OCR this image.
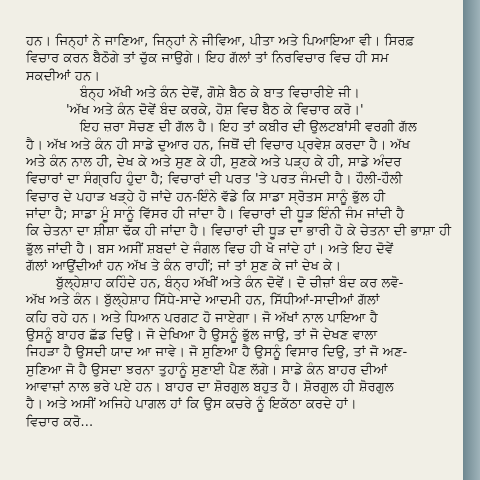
ਹਨ। ਜਿਨ੍ਹਾਂ ਨੇ ਜਾਣਿਆ, ਜਿਨ੍ਹਾਂ ਨੇ ਜੀਵਿਆ, ਪੀਤਾ ਅਤੇ ਪਿਆਇਆ ਵੀ। ਸਿਰਫ਼
ਵਿਚਾਰ ਕਰਨ ਬੈਠੋਗੇ ਤਾਂ ਚੁੱਕ ਜਾਉਗੇ। ਇਹ ਗੱਲਾਂ ਤਾਂ ਨਿਰਵਿਚਾਰ ਵਿਚ ਹੀ ਸਮ
ਸਕਦੀਆਂ ਹਨ।
ਬੰਨ੍ਹ ਅੱਖੀ ਅਤੇ ਕੰਨ ਦੇਵੋਂ, ਗੋਸ਼ੇ ਬੈਠ ਕੇ ਬਾਤ ਵਿਚਾਰੀਏ ਜੀ।
'ਅੱਖ ਅਤੇ ਕੰਨ ਦੋਵੇਂ ਬੰਦ ਕਰਕੇ, ਹੋਸ਼ ਵਿਚ ਬੈਠ ਕੇ ਵਿਚਾਰ ਕਰੋ।'
ਇਹ ਜ਼ਰਾ ਸੋਚਣ ਦੀ ਗੱਲ ਹੈ। ਇਹ ਤਾਂ ਕਬੀਰ ਦੀ ਉਲਟਬਾਂਸੀ ਵਰਗੀ ਗੱਲ
ਹੈ। ਅੱਖ ਅਤੇ ਕੰਨ ਹੀ ਸਾਡੇ ਦੁਆਰ ਹਨ, ਜਿਥੋਂ ਦੀ ਵਿਚਾਰ ਪ੍ਰਵੇਸ਼ ਕਰਦਾ ਹੈ। ਅੱਖ
ਅਤੇ ਕੰਨ ਨਾਲ ਹੀ, ਦੇਖ ਕੇ ਅਤੇ ਸੁਣ ਕੇ ਹੀ, ਸੁਣਕੇ ਅਤੇ ਪੜ੍ਹ ਕੇ ਹੀ, ਸਾਡੇ ਅੰਦਰ
ਵਿਚਾਰਾਂ ਦਾ ਸੰਗ੍ਰਹਿ ਹੁੰਦਾ ਹੈ; ਵਿਚਾਰਾਂ ਦੀ ਪਰਤ 'ਤੇ ਪਰਤ ਜੰਮਦੀ ਹੈ। ਹੌਲੀ-ਹੌਲੀ
ਵਿਚਾਰ ਦੇ ਪਹਾੜ ਖੜ੍ਹੇ ਹੋ ਜਾਂਦੇ ਹਨ-ਇੰਨੇ ਵੱਡੇ ਕਿ ਸਾਡਾ ਸ੍ਰੋਤਸ ਸਾਨੂੰ ਭੁੱਲ ਹੀ
ਜਾਂਦਾ ਹੈ; ਸਾਡਾ ਮੂੰ ਸਾਨੂੰ ਵਿੱਸਰ ਹੀ ਜਾਂਦਾ ਹੈ। ਵਿਚਾਰਾਂ ਦੀ ਧੂੜ ਇੰਨੀ ਜੰਮ ਜਾਂਦੀ ਹੈ
ਕਿ ਚੇਤਨਾ ਦਾ ਸ਼ੀਸ਼ਾ ਢੱਕ ਹੀ ਜਾਂਦਾ ਹੈ। ਵਿਚਾਰਾਂ ਦੀ ਧੂੜ ਦਾ ਭਾਰੀ ਹੋ ਕੇ ਚੇਤਨਾ ਦੀ ਭਾਸ਼ਾ ਹੀ
ਭੁੱਲ ਜਾਂਦੀ ਹੈ। ਬਸ ਅਸੀਂ ਸ਼ਬਦਾਂ ਦੇ ਜੰਗਲ ਵਿਚ ਹੀ ਖੋ ਜਾਂਦੇ ਹਾਂ। ਅਤੇ ਇਹ ਦੋਵੇਂ
ਗੱਲਾਂ ਆਉਂਦੀਆਂ ਹਨ ਅੱਖ ਤੇ ਕੰਨ ਰਾਹੀਂ; ਜਾਂ ਤਾਂ ਸੁਣ ਕੇ ਜਾਂ ਦੇਖ ਕੇ।
ਬੁੱਲ੍ਹੇਸ਼ਾਹ ਕਹਿੰਦੇ ਹਨ, ਬੰਨ੍ਹ ਅੱਖੀਂ ਅਤੇ ਕੰਨ ਦੋਵੇਂ। ਦੋ ਚੀਜ਼ਾਂ ਬੰਦ ਕਰ ਲਵੋ-
ਅੱਖ ਅਤੇ ਕੰਨ। ਬੁੱਲ੍ਹੇਸ਼ਾਹ ਸਿੱਧੇ-ਸਾਦੇ ਆਦਮੀ ਹਨ, ਸਿੱਧੀਆਂ-ਸਾਦੀਆਂ ਗੱਲਾਂ
ਕਹਿ ਰਹੇ ਹਨ। ਅਤੇ ਧਿਆਨ ਪਰਗਟ ਹੋ ਜਾਏਗਾ। ਜੋ ਅੱਖਾਂ ਨਾਲ ਪਾਇਆ ਹੈ
ਉਸਨੂੰ ਬਾਹਰ ਛੱਡ ਦਿਉ। ਜੋ ਦੇਖਿਆ ਹੈ ਉਸਨੂੰ ਭੁੱਲ ਜਾਉ, ਤਾਂ ਜੋ ਦੇਖਣ ਵਾਲਾ
ਜਿਹੜਾ ਹੈ ਉਸਦੀ ਯਾਦ ਆ ਜਾਵੇ। ਜੋ ਸੁਣਿਆ ਹੈ ਉਸਨੂੰ ਵਿਸਾਰ ਦਿਉ, ਤਾਂ ਜੋ ਅਣ-
ਸੁਣਿਆ ਜੋ ਹੈ ਉਸਦਾ ਝਰਨਾ ਤੁਹਾਨੂੰ ਸੁਣਾਈ ਪੈਣ ਲੱਗੇ। ਸਾਡੇ ਕੰਨ ਬਾਹਰ ਦੀਆਂ
ਆਵਾਜ਼ਾਂ ਨਾਲ ਭਰੇ ਪਏ ਹਨ। ਬਾਹਰ ਦਾ ਸ਼ੋਰਗੁਲ ਬਹੁਤ ਹੈ। ਸ਼ੋਰਗੁਲ ਹੀ ਸ਼ੋਰਗੁਲ
ਹੈ। ਅਤੇ ਅਸੀਂ ਅਜਿਹੇ ਪਾਗਲ ਹਾਂ ਕਿ ਉਸ ਕਚਰੇ ਨੂੰ ਇਕੱਠਾ ਕਰਦੇ ਹਾਂ।
ਵਿਚਾਰ ਕਰੋ...
